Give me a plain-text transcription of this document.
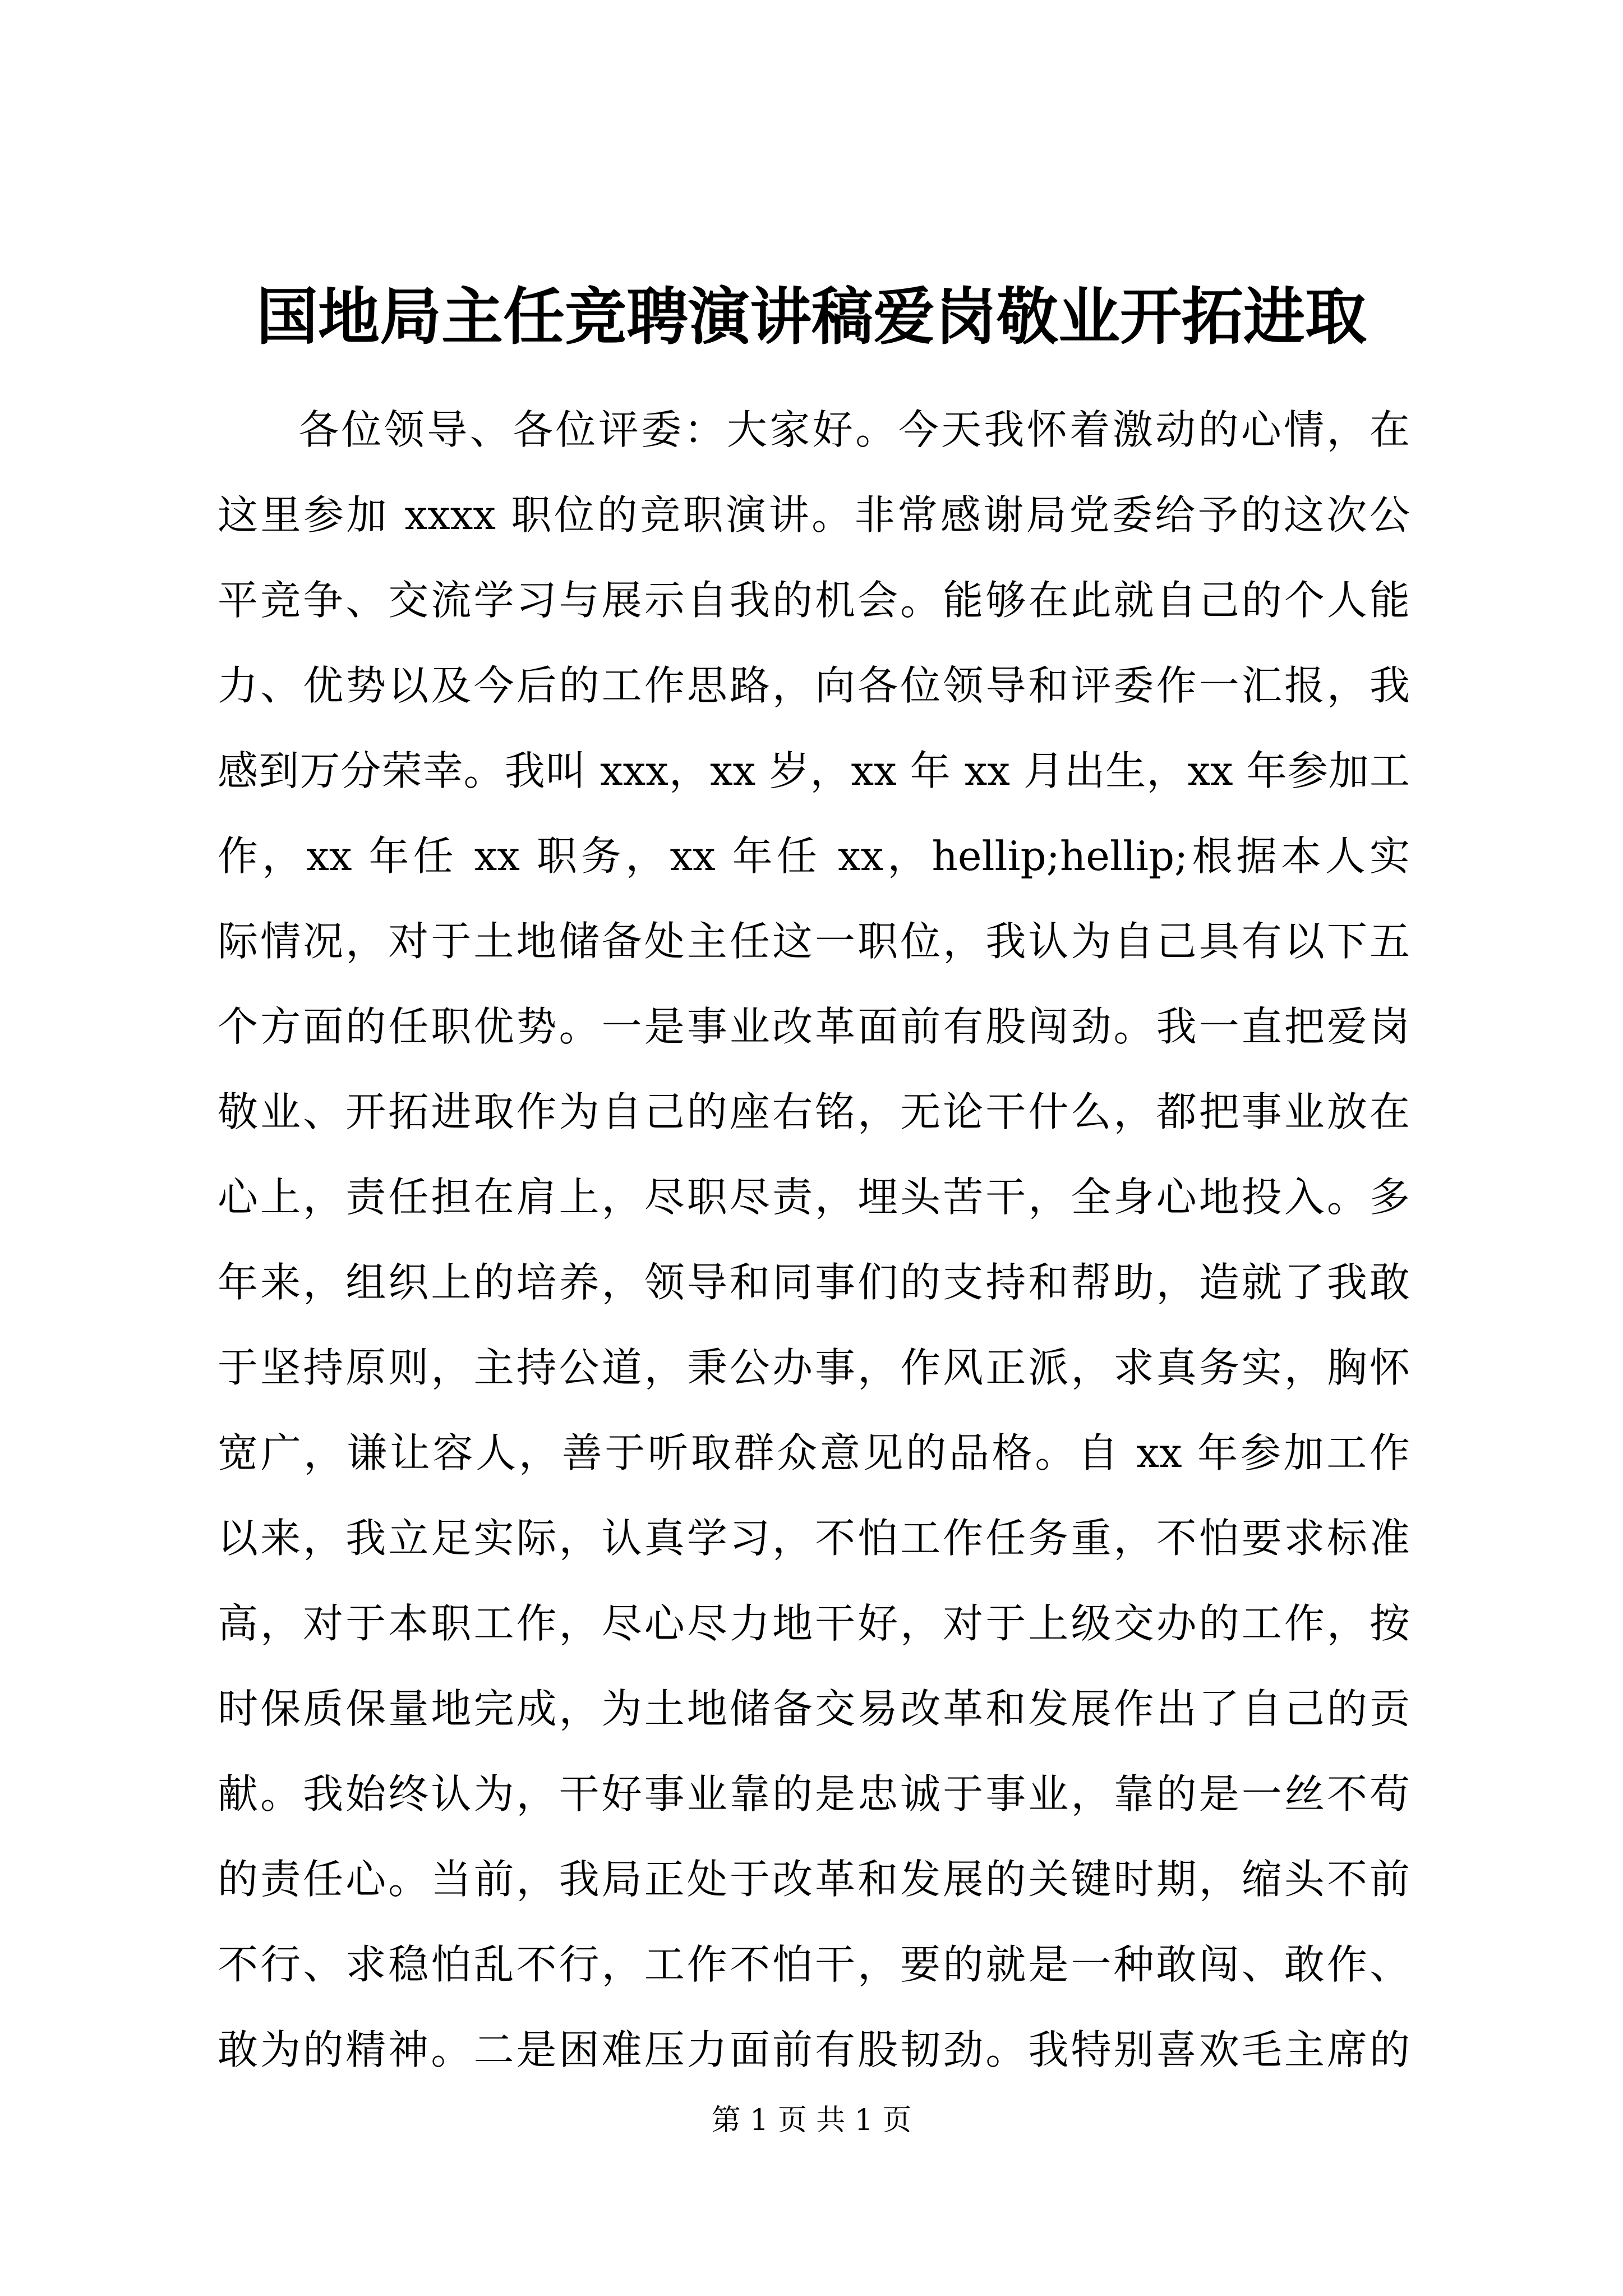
国地局主任竞聘演讲稿爱岗敬业开拓进取
各位领导、各位评委：大家好。今天我怀着激动的心情，在
这里参加 xxxx 职位的竞职演讲。非常感谢局党委给予的这次公
平竞争、交流学习与展示自我的机会。能够在此就自己的个人能
力、优势以及今后的工作思路，向各位领导和评委作一汇报，我
感到万分荣幸。我叫 xxx，xx 岁，xx 年 xx 月出生，xx 年参加工
作，xx 年任 xx 职务，xx 年任 xx，hellip;hellip;根据本人实
际情况，对于土地储备处主任这一职位，我认为自己具有以下五
个方面的任职优势。一是事业改革面前有股闯劲。我一直把爱岗
敬业、开拓进取作为自己的座右铭，无论干什么，都把事业放在
心上，责任担在肩上，尽职尽责，埋头苦干，全身心地投入。多
年来，组织上的培养，领导和同事们的支持和帮助，造就了我敢
于坚持原则，主持公道，秉公办事，作风正派，求真务实，胸怀
宽广，谦让容人，善于听取群众意见的品格。自 xx 年参加工作
以来，我立足实际，认真学习，不怕工作任务重，不怕要求标准
高，对于本职工作，尽心尽力地干好，对于上级交办的工作，按
时保质保量地完成，为土地储备交易改革和发展作出了自己的贡
献。我始终认为，干好事业靠的是忠诚于事业，靠的是一丝不苟
的责任心。当前，我局正处于改革和发展的关键时期，缩头不前
不行、求稳怕乱不行，工作不怕干，要的就是一种敢闯、敢作、
敢为的精神。二是困难压力面前有股韧劲。我特别喜欢毛主席的
第 1 页 共 1 页
